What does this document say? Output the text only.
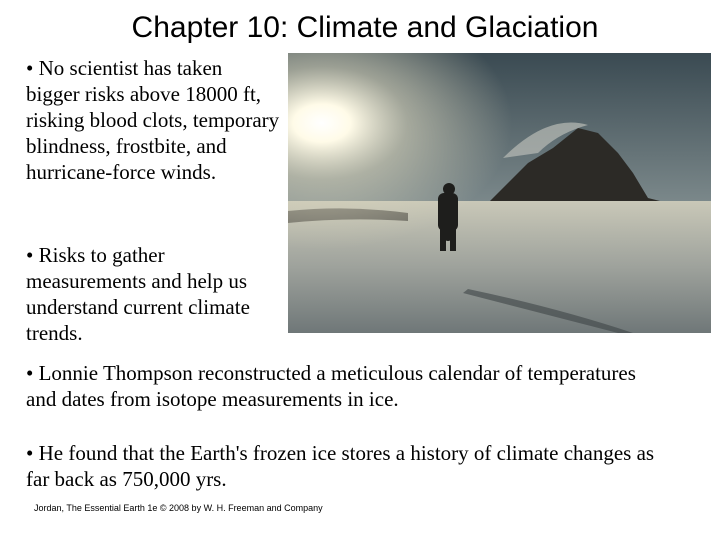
Chapter 10: Climate and Glaciation

• No scientist has taken bigger risks above 18000 ft, risking blood clots, temporary blindness, frostbite, and hurricane-force winds.

• Risks to gather measurements and help us understand current climate trends.

• Lonnie Thompson reconstructed a meticulous calendar of temperatures and dates from isotope measurements in ice.

• He found that the Earth's frozen ice stores a history of climate changes as far back as 750,000 yrs.

Jordan, The Essential Earth 1e © 2008 by W. H. Freeman and Company
